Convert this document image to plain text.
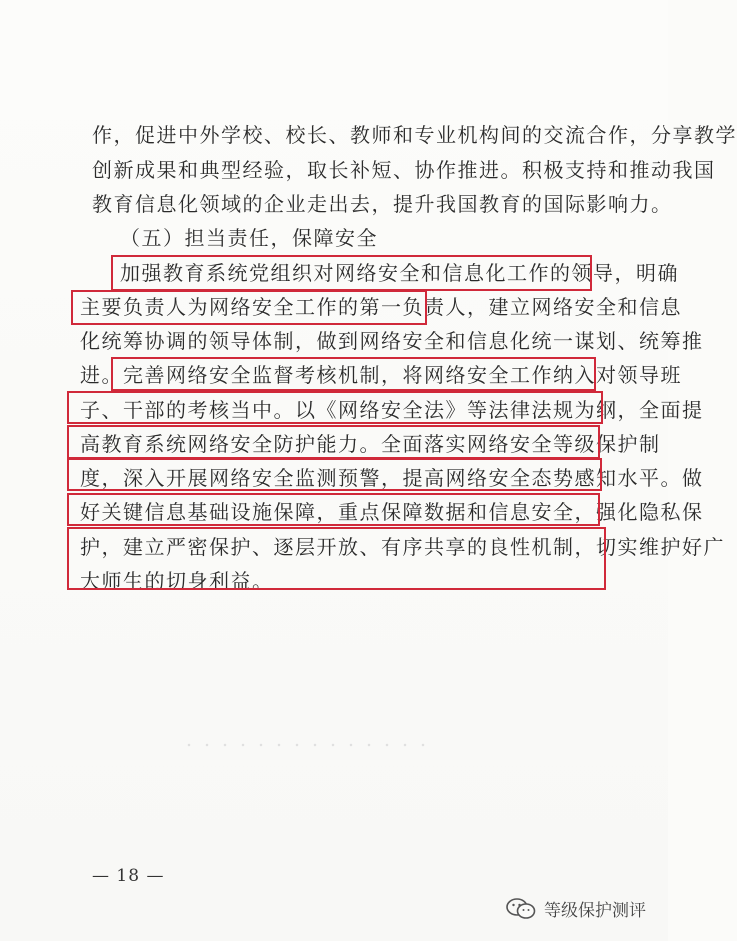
作，促进中外学校、校长、教师和专业机构间的交流合作，分享教学
创新成果和典型经验，取长补短、协作推进。积极支持和推动我国
教育信息化领域的企业走出去，提升我国教育的国际影响力。
（五）担当责任，保障安全
加强教育系统党组织对网络安全和信息化工作的领导，明确
主要负责人为网络安全工作的第一负责人，建立网络安全和信息
化统筹协调的领导体制，做到网络安全和信息化统一谋划、统筹推
进。完善网络安全监督考核机制，将网络安全工作纳入对领导班
子、干部的考核当中。以《网络安全法》等法律法规为纲，全面提
高教育系统网络安全防护能力。全面落实网络安全等级保护制
度，深入开展网络安全监测预警，提高网络安全态势感知水平。做
好关键信息基础设施保障，重点保障数据和信息安全，强化隐私保
护，建立严密保护、逐层开放、有序共享的良性机制，切实维护好广
大师生的切身利益。
— 18 —
等级保护测评
